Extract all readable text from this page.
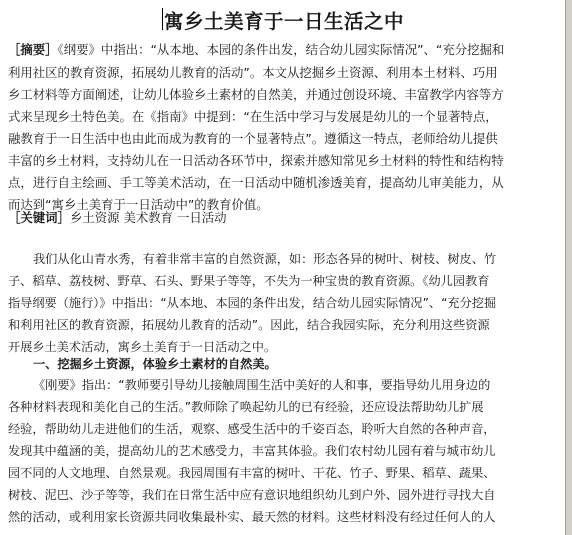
寓乡土美育于一日生活之中
［摘要］《纲要》中指出：“从本地、本园的条件出发，结合幼儿园实际情况”、“充分挖掘和
利用社区的教育资源，拓展幼儿教育的活动”。本文从挖掘乡土资源、利用本土材料、巧用
乡工材料等方面阐述，让幼儿体验乡土素材的自然美，并通过创设环境、丰富教学内容等方
式来呈现乡土特色美。在《指南》中提到：“在生活中学习与发展是幼儿的一个显著特点，
融教育于一日生活中也由此而成为教育的一个显著特点”。遵循这一特点，老师给幼儿提供
丰富的乡土材料，支持幼儿在一日活动各环节中，探索并感知常见乡土材料的特性和结构特
点，进行自主绘画、手工等美术活动，在一日活动中随机渗透美育，提高幼儿审美能力，从
而达到“寓乡土美育于一日活动中”的教育价值。
［关键词］乡土资源 美术教育 一日活动
我们从化山青水秀，有着非常丰富的自然资源，如：形态各异的树叶、树枝、树皮、竹
子、稻草、荔枝树、野草、石头、野果子等等，不失为一种宝贵的教育资源。《幼儿园教育
指导纲要（施行）》中指出：“从本地、本园的条件出发，结合幼儿园实际情况”、“充分挖掘
和利用社区的教育资源，拓展幼儿教育的活动”。因此，结合我园实际，充分利用这些资源
开展乡土美术活动，寓乡土美育于一日活动之中。
一、挖掘乡土资源，体验乡土素材的自然美。
《刚要》指出：“教师要引导幼儿接触周围生活中美好的人和事，要指导幼儿用身边的
各种材料表现和美化自己的生活。”教师除了唤起幼儿的已有经验，还应设法帮助幼儿扩展
经验，帮助幼儿走进他们的生活，观察、感受生活中的千姿百态，聆听大自然的各种声音，
发现其中蕴涵的美，提高幼儿的艺术感受力，丰富其体验。我们农村幼儿园有着与城市幼儿
园不同的人文地理、自然景观。我园周围有丰富的树叶、干花、竹子、野果、稻草、蔬果、
树枝、泥巴、沙子等等，我们在日常生活中应有意识地组织幼儿到户外、园外进行寻找大自
然的活动，或利用家长资源共同收集最朴实、最天然的材料。这些材料没有经过任何人的人
